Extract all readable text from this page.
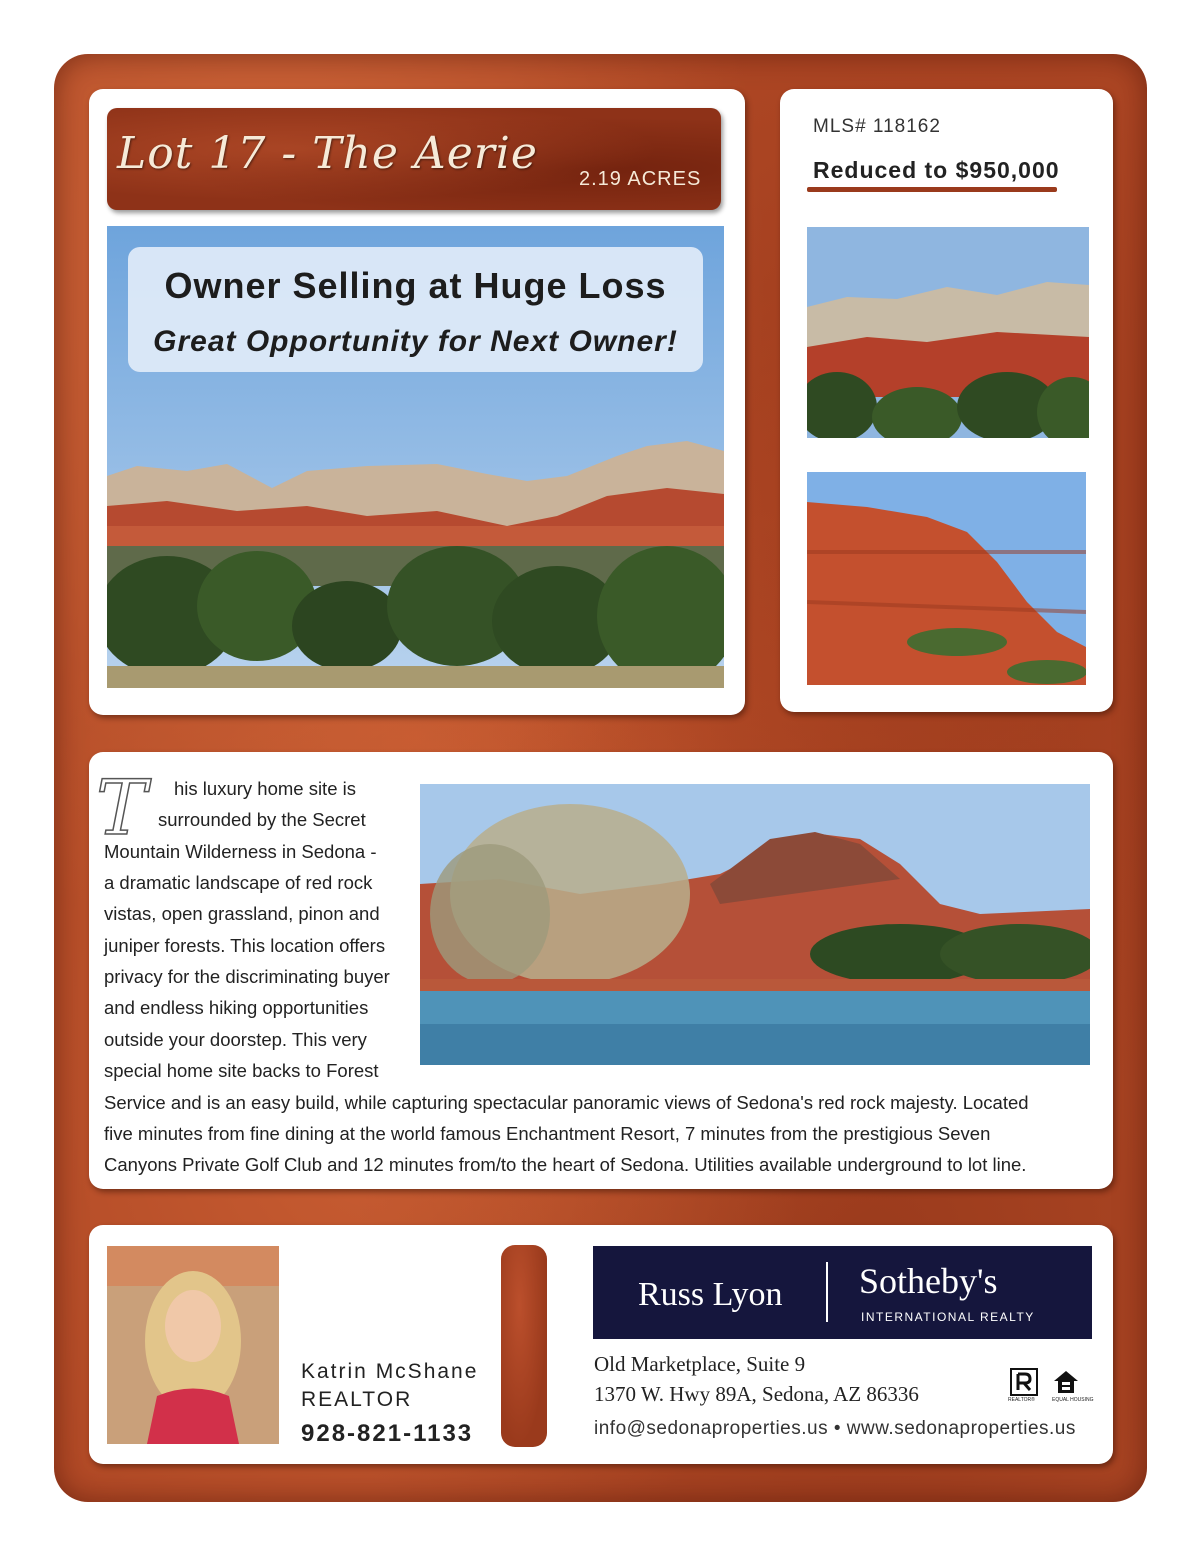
Lot 17 - The Aerie 2.19 ACRES
Owner Selling at Huge Loss
Great Opportunity for Next Owner!
MLS# 118162
Reduced to $950,000
T his luxury home site is
surrounded by the Secret
Mountain Wilderness in Sedona -
a dramatic landscape of red rock
vistas, open grassland, pinon and
juniper forests. This location offers
privacy for the discriminating buyer
and endless hiking opportunities
outside your doorstep. This very
special home site backs to Forest
Service and is an easy build, while capturing spectacular panoramic views of Sedona's red rock majesty. Located
five minutes from fine dining at the world famous Enchantment Resort, 7 minutes from the prestigious Seven
Canyons Private Golf Club and 12 minutes from/to the heart of Sedona. Utilities available underground to lot line.
Katrin McShane
REALTOR
928-821-1133
Russ Lyon Sotheby's
INTERNATIONAL REALTY
Old Marketplace, Suite 9
1370 W. Hwy 89A, Sedona, AZ 86336	REALTOR®	EQUAL HOUSING
info@sedonaproperties.us • www.sedonaproperties.us
